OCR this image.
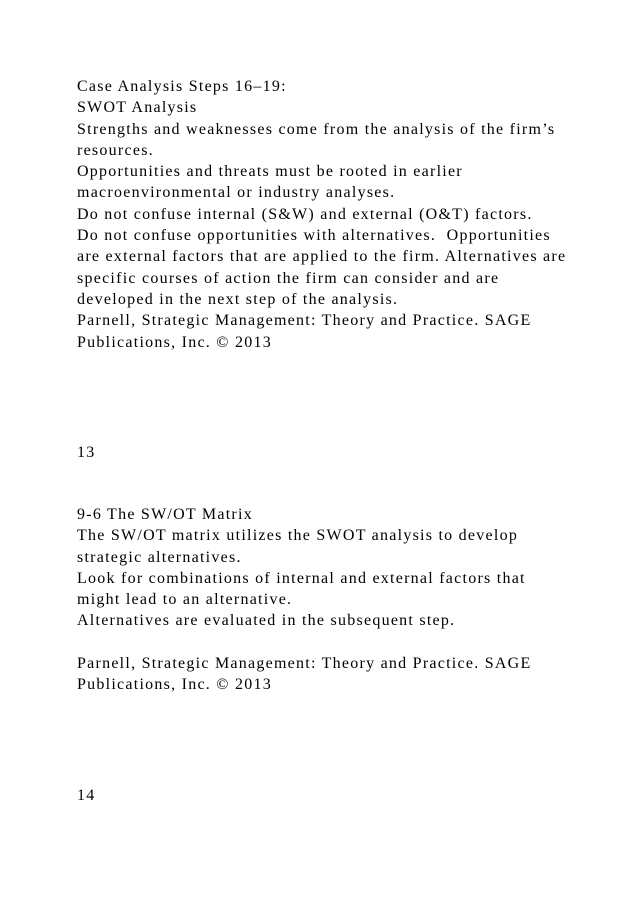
Case Analysis Steps 16–19:
SWOT Analysis
Strengths and weaknesses come from the analysis of the firm’s
resources.
Opportunities and threats must be rooted in earlier
macroenvironmental or industry analyses.
Do not confuse internal (S&W) and external (O&T) factors.
Do not confuse opportunities with alternatives.  Opportunities
are external factors that are applied to the firm. Alternatives are
specific courses of action the firm can consider and are
developed in the next step of the analysis.
Parnell, Strategic Management: Theory and Practice. SAGE
Publications, Inc. © 2013
13
9-6 The SW/OT Matrix
The SW/OT matrix utilizes the SWOT analysis to develop
strategic alternatives.
Look for combinations of internal and external factors that
might lead to an alternative.
Alternatives are evaluated in the subsequent step.
Parnell, Strategic Management: Theory and Practice. SAGE
Publications, Inc. © 2013
14
